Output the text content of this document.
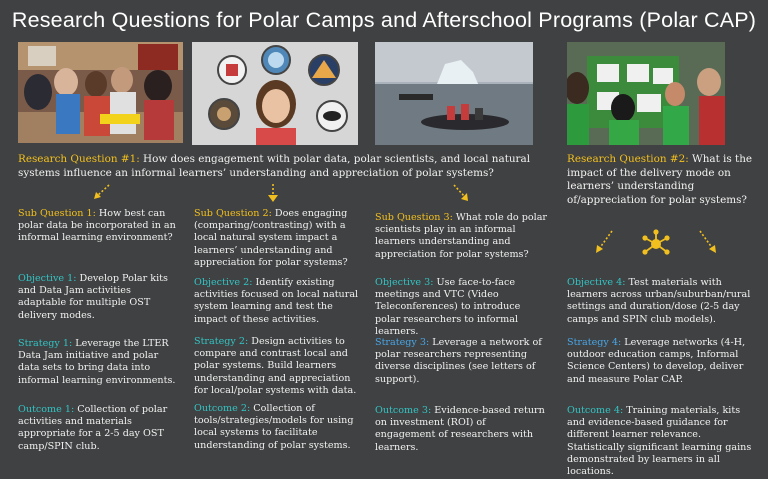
Research Questions for Polar Camps and Afterschool Programs (Polar CAP)
Research Question #1: How does engagement with polar data, polar scientists, and local natural systems influence an informal learners’ understanding and appreciation of polar systems?
Research Question #2: What is the impact of the delivery mode on learners’ understanding of/appreciation for polar systems?
Sub Question 1: How best can polar data be incorporated in an informal learning environment?
Objective 1: Develop Polar kits and Data Jam activities adaptable for multiple OST delivery modes.
Strategy 1: Leverage the LTER Data Jam initiative and polar data sets to bring data into informal learning environments.
Outcome 1: Collection of polar activities and materials appropriate for a 2-5 day OST camp/SPIN club.
Sub Question 2: Does engaging (comparing/contrasting) with a local natural system impact a learners’ understanding and appreciation for polar systems?
Objective 2: Identify existing activities focused on local natural system learning and test the impact of these activities.
Strategy 2: Design activities to compare and contrast local and polar systems. Build learners understanding and appreciation for local/polar systems with data.
Outcome 2: Collection of tools/strategies/models for using local systems to facilitate understanding of polar systems.
Sub Question 3: What role do polar scientists play in an informal learners understanding and appreciation for polar systems?
Objective 3: Use face-to-face meetings and VTC (Video Teleconferences) to introduce polar researchers to informal learners.
Strategy 3: Leverage a network of polar researchers representing diverse disciplines (see letters of support).
Outcome 3: Evidence-based return on investment (ROI) of engagement of researchers with learners.
Objective 4: Test materials with learners across urban/suburban/rural settings and duration/dose (2-5 day camps and SPIN club models).
Strategy 4: Leverage networks (4-H, outdoor education camps, Informal Science Centers) to develop, deliver and measure Polar CAP.
Outcome 4: Training materials, kits and evidence-based guidance for different learner relevance. Statistically significant learning gains demonstrated by learners in all locations.
